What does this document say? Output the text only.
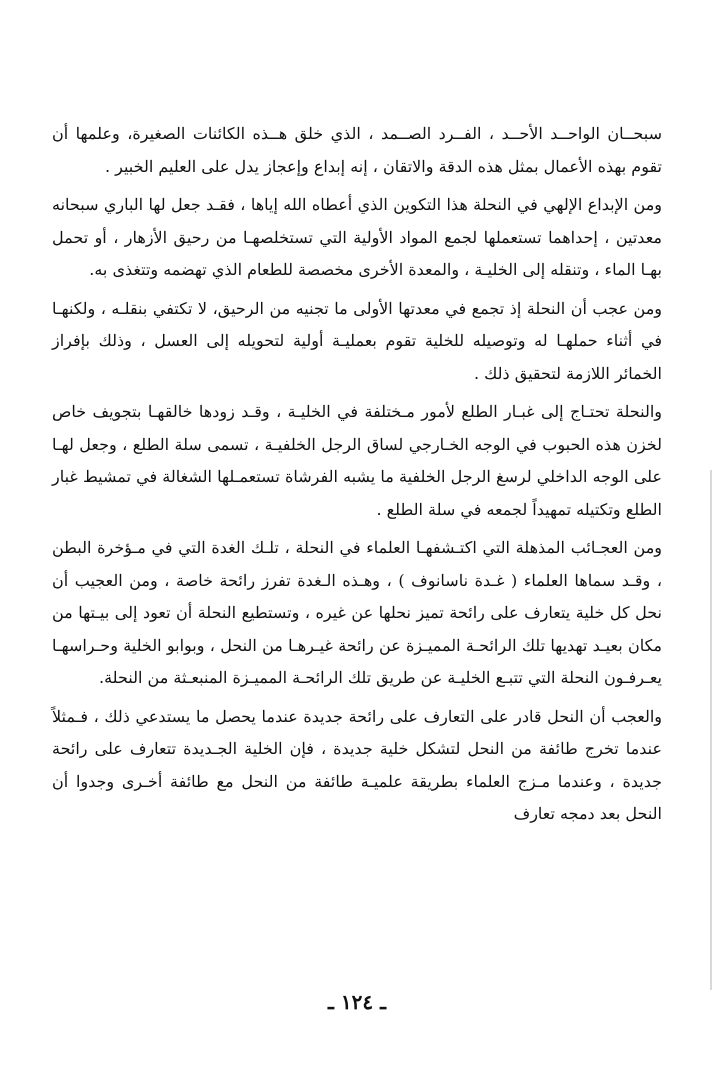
سبحــان الواحــد الأحــد ، الفــرد الصــمد ، الذي خلق هــذه الكائنات الصغيرة، وعلمها أن تقوم بهذه الأعمال بمثل هذه الدقة والاتقان ، إنه إبداع وإعجاز يدل على العليم الخبير .

ومن الإبداع الإلهي في النحلة هذا التكوين الذي أعطاه الله إياها ، فقـد جعل لها الباري سبحانه معدتين ، إحداهما تستعملها لجمع المواد الأولية التي تستخلصهـا من رحيق الأزهار ، أو تحمل بهـا الماء ، وتنقله إلى الخليـة ، والمعدة الأخرى مخصصة للطعام الذي تهضمه وتتغذى به.

ومن عجب أن النحلة إذ تجمع في معدتها الأولى ما تجنيه من الرحيق، لا تكتفي بنقلـه ، ولكنهـا في أثناء حملهـا له وتوصيله للخلية تقوم بعمليـة أولية لتحويله إلى العسل ، وذلك بإفراز الخمائر اللازمة لتحقيق ذلك .

والنحلة تحتـاج إلى غبـار الطلع لأمور مـختلفة في الخليـة ، وقـد زودها خالقهـا بتجويف خاص لخزن هذه الحبوب في الوجه الخـارجي لساق الرجل الخلفيـة ، تسمى سلة الطلع ، وجعل لهـا على الوجه الداخلي لرسغ الرجل الخلفية ما يشبه الفرشاة تستعمـلها الشغالة في تمشيط غبار الطلع وتكتيله تمهيداً لجمعه في سلة الطلع .

ومن العجـائب المذهلة التي اكتـشفهـا العلماء في النحلة ، تلـك الغدة التي في مـؤخرة البطن ، وقـد سماها العلماء ( غـدة ناسانوف ) ، وهـذه الـغدة تفرز رائحة خاصة ، ومن العجيب أن نحل كل خلية يتعارف على رائحة تميز نحلها عن غيره ، وتستطيع النحلة أن تعود إلى بيـتها من مكان بعيـد تهديها تلك الرائحـة المميـزة عن رائحة غيـرهـا من النحل ، وبوابو الخلية وحـراسهـا يعـرفـون النحلة التي تتبـع الخليـة عن طريق تلك الرائحـة المميـزة المنبعـثة من النحلة.

والعجب أن النحل قادر على التعارف على رائحة جديدة عندما يحصل ما يستدعي ذلك ، فـمثلاً عندما تخرج طائفة من النحل لتشكل خلية جديدة ، فإن الخلية الجـديدة تتعارف على رائحة جديدة ، وعندما مـزج العلماء بطريقة علميـة طائفة من النحل مع طائفة أخـرى وجدوا أن النحل بعد دمجه تعارف

ـ ١٢٤ ـ
